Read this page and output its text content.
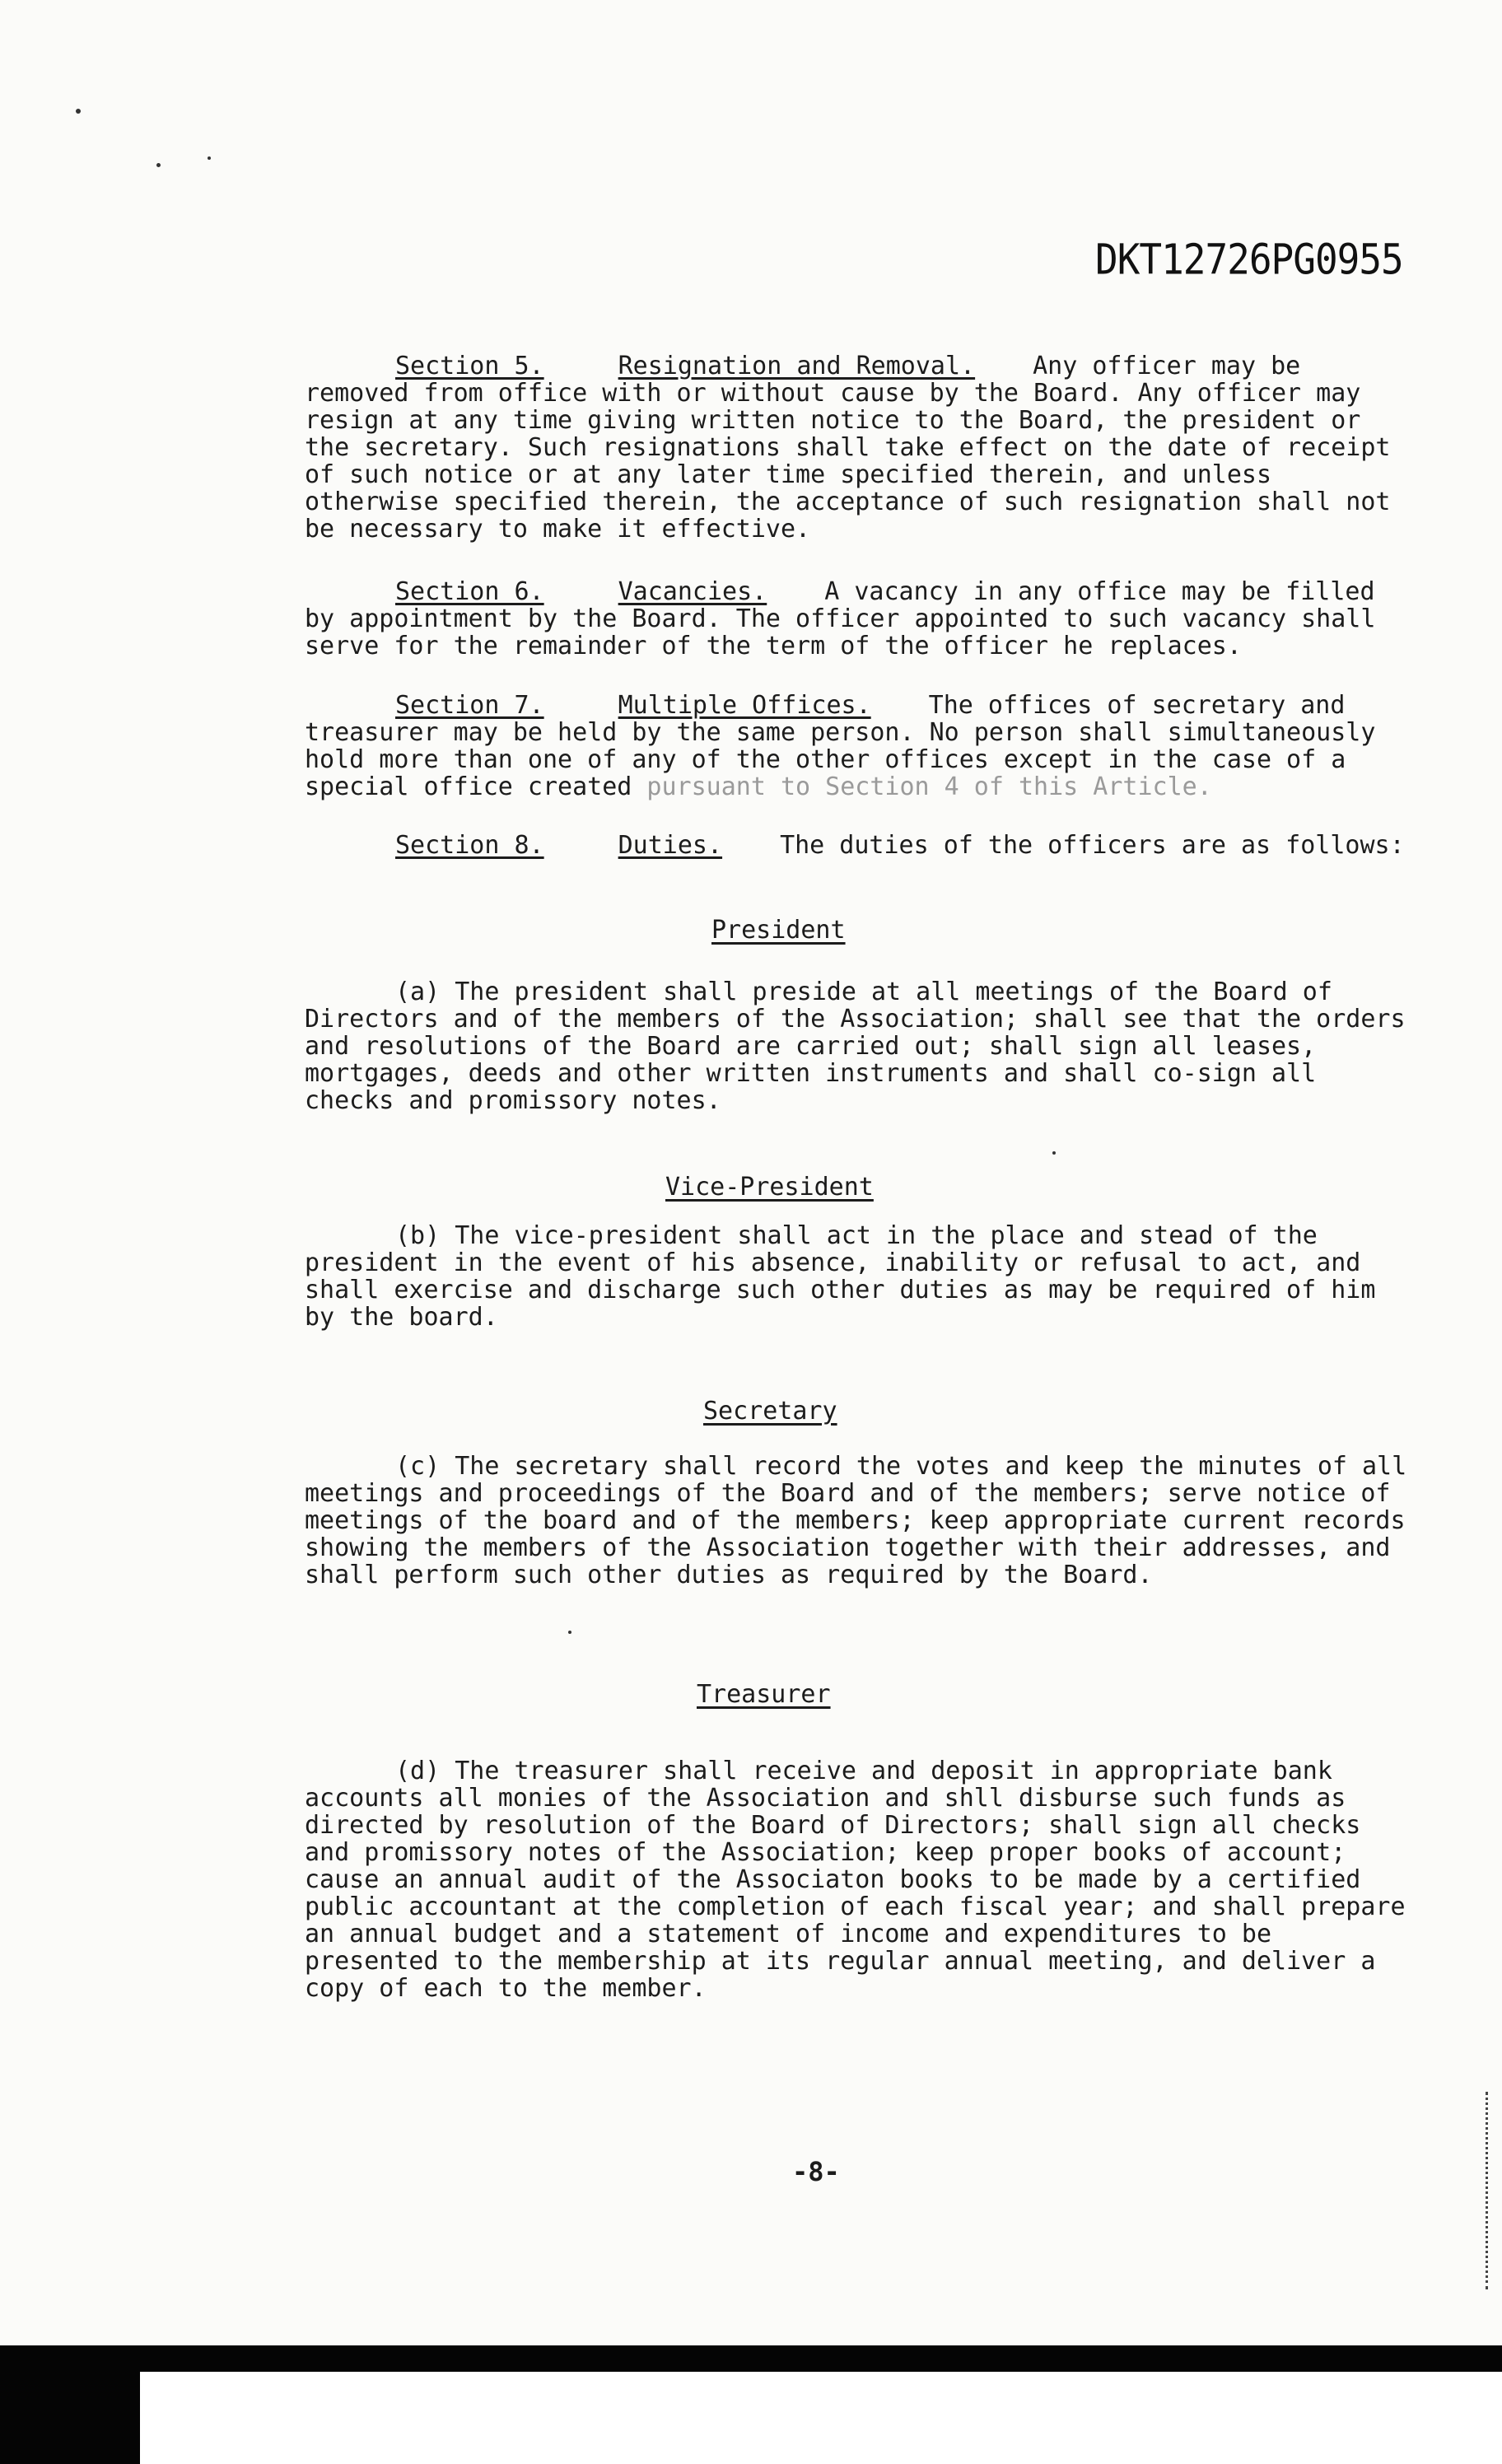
DKT12726PG0955

Section 5.	Resignation and Removal. Any officer may be removed from office with or without cause by the Board. Any officer may resign at any time giving written notice to the Board, the president or the secretary. Such resignations shall take effect on the date of receipt of such notice or at any later time specified therein, and unless otherwise specified therein, the acceptance of such resignation shall not be necessary to make it effective.

Section 6.	Vacancies. A vacancy in any office may be filled by appointment by the Board. The officer appointed to such vacancy shall serve for the remainder of the term of the officer he replaces.

Section 7.	Multiple Offices. The offices of secretary and treasurer may be held by the same person. No person shall simultaneously hold more than one of any of the other offices except in the case of a special office created pursuant to Section 4 of this Article.

Section 8.	Duties. The duties of the officers are as follows:

President

(a) The president shall preside at all meetings of the Board of Directors and of the members of the Association; shall see that the orders and resolutions of the Board are carried out; shall sign all leases, mortgages, deeds and other written instruments and shall co-sign all checks and promissory notes.

Vice-President

(b) The vice-president shall act in the place and stead of the president in the event of his absence, inability or refusal to act, and shall exercise and discharge such other duties as may be required of him by the board.

Secretary

(c) The secretary shall record the votes and keep the minutes of all meetings and proceedings of the Board and of the members; serve notice of meetings of the board and of the members; keep appropriate current records showing the members of the Association together with their addresses, and shall perform such other duties as required by the Board.

Treasurer

(d) The treasurer shall receive and deposit in appropriate bank accounts all monies of the Association and shll disburse such funds as directed by resolution of the Board of Directors; shall sign all checks and promissory notes of the Association; keep proper books of account; cause an annual audit of the Associaton books to be made by a certified public accountant at the completion of each fiscal year; and shall prepare an annual budget and a statement of income and expenditures to be presented to the membership at its regular annual meeting, and deliver a copy of each to the member.

-8-
